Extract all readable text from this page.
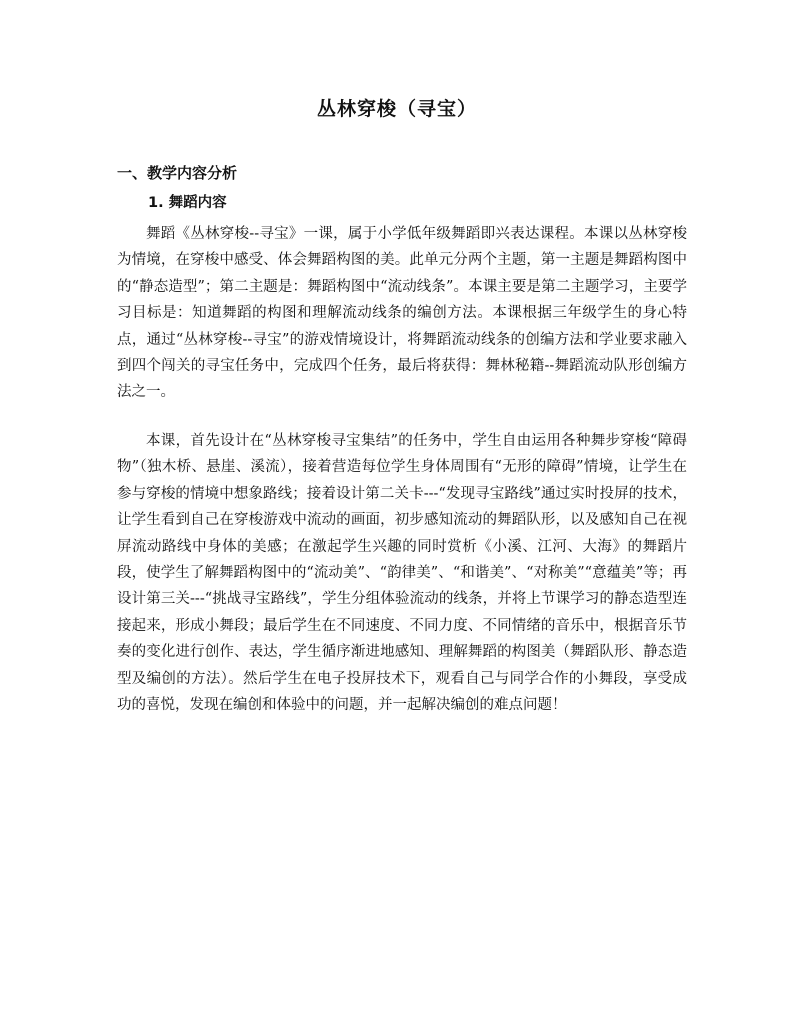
丛林穿梭（寻宝）
一、教学内容分析
1. 舞蹈内容

舞蹈《丛林穿梭--寻宝》一课，属于小学低年级舞蹈即兴表达课程。本课以丛林穿梭为情境，在穿梭中感受、体会舞蹈构图的美。此单元分两个主题，第一主题是舞蹈构图中的“静态造型”；第二主题是：舞蹈构图中“流动线条”。本课主要是第二主题学习，主要学习目标是：知道舞蹈的构图和理解流动线条的编创方法。本课根据三年级学生的身心特点，通过“丛林穿梭--寻宝”的游戏情境设计，将舞蹈流动线条的创编方法和学业要求融入到四个闯关的寻宝任务中，完成四个任务，最后将获得：舞林秘籍--舞蹈流动队形创编方法之一。

本课，首先设计在“丛林穿梭寻宝集结”的任务中，学生自由运用各种舞步穿梭“障碍物”（独木桥、悬崖、溪流），接着营造每位学生身体周围有“无形的障碍”情境，让学生在参与穿梭的情境中想象路线；接着设计第二关卡---“发现寻宝路线”通过实时投屏的技术，让学生看到自己在穿梭游戏中流动的画面，初步感知流动的舞蹈队形，以及感知自己在视屏流动路线中身体的美感；在激起学生兴趣的同时赏析《小溪、江河、大海》的舞蹈片段，使学生了解舞蹈构图中的“流动美”、“韵律美”、“和谐美”、“对称美”“意蕴美”等；再设计第三关---“挑战寻宝路线”，学生分组体验流动的线条，并将上节课学习的静态造型连接起来，形成小舞段；最后学生在不同速度、不同力度、不同情绪的音乐中，根据音乐节奏的变化进行创作、表达，学生循序渐进地感知、理解舞蹈的构图美（舞蹈队形、静态造型及编创的方法）。然后学生在电子投屏技术下，观看自己与同学合作的小舞段，享受成功的喜悦，发现在编创和体验中的问题，并一起解决编创的难点问题！
